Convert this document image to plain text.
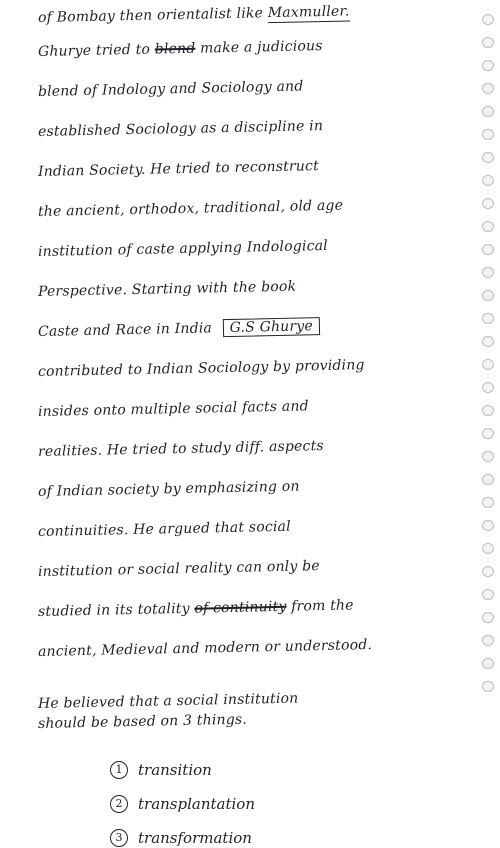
of Bombay then orientalist like Maxmuller.
Ghurye tried to blend make a judicious
blend of Indology and Sociology and
established Sociology as a discipline in
Indian Society. He tried to reconstruct
the ancient, orthodox, traditional, old age
institution of caste applying Indological
Perspective. Starting with the book
Caste and Race in India G.S Ghurye
contributed to Indian Sociology by providing
insides onto multiple social facts and
realities. He tried to study diff. aspects
of Indian society by emphasizing on
continuities. He argued that social
institution or social reality can only be
studied in its totality of continuity from the
ancient, Medieval and modern or understood.
He believed that a social institution
should be based on 3 things.
1 transition
2 transplantation
3 transformation
